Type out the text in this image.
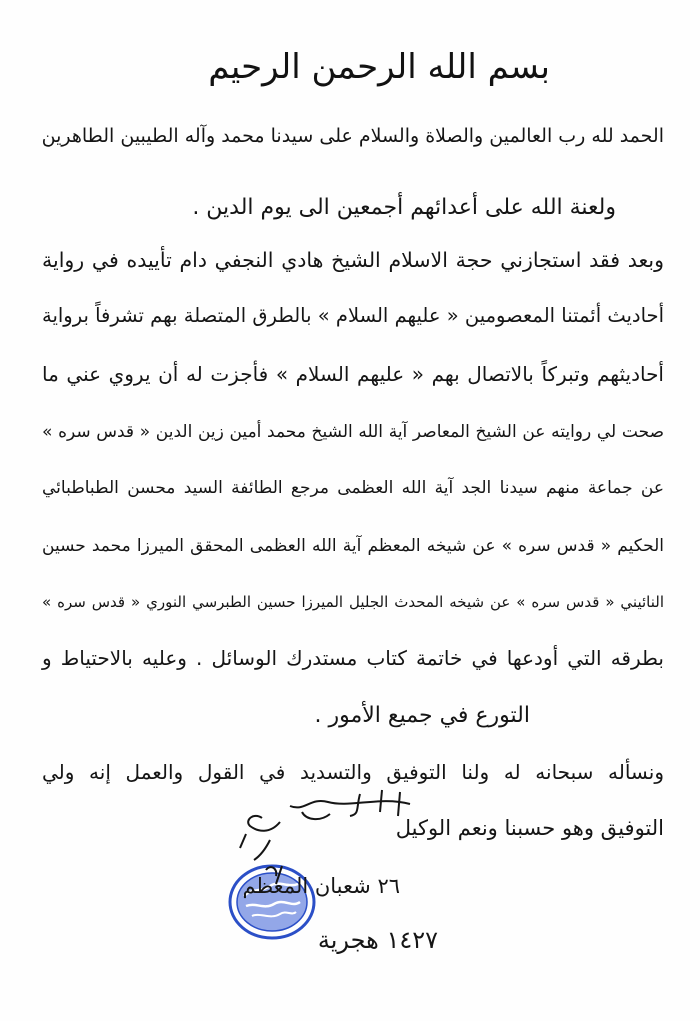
بسم الله الرحمن الرحيم
الحمد لله رب العالمين والصلاة والسلام على سيدنا محمد وآله الطيبين الطاهرين
ولعنة الله على أعدائهم أجمعين الى يوم الدين .
وبعد فقد استجازني حجة الاسلام الشيخ هادي النجفي دام تأييده في رواية
أحاديث أئمتنا المعصومين « عليهم السلام » بالطرق المتصلة بهم تشرفاً برواية
أحاديثهم وتبركاً بالاتصال بهم « عليهم السلام » فأجزت له أن يروي عني ما
صحت لي روايته عن الشيخ المعاصر آية الله الشيخ محمد أمين زين الدين « قدس سره »
عن جماعة منهم سيدنا الجد آية الله العظمى مرجع الطائفة السيد محسن الطباطبائي
الحكيم « قدس سره » عن شيخه المعظم آية الله العظمى المحقق الميرزا محمد حسين
النائيني « قدس سره » عن شيخه المحدث الجليل الميرزا حسين الطبرسي النوري « قدس سره »
بطرقه التي أودعها في خاتمة كتاب مستدرك الوسائل . وعليه بالاحتياط و
التورع في جميع الأمور .
ونسأله سبحانه له ولنا التوفيق والتسديد في القول والعمل إنه ولي
التوفيق وهو حسبنا ونعم الوكيل
٢٦ شعبان المعظم
١٤٢٧ هجرية
